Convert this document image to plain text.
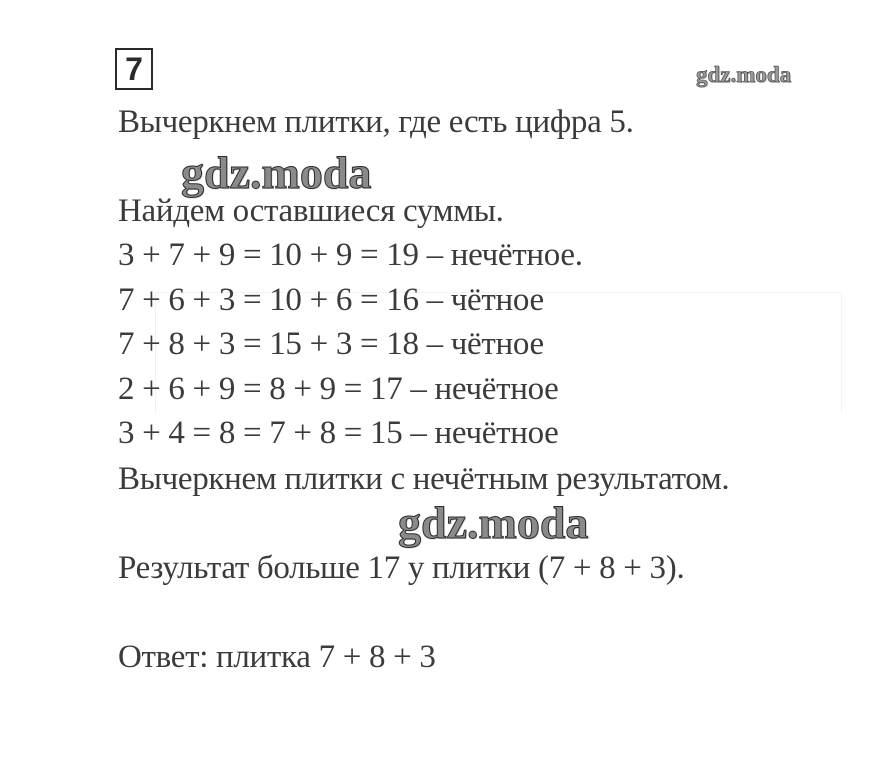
7	gdz.moda
Вычеркнем плитки, где есть цифра 5.
gdz.moda
Найдем оставшиеся суммы.
3 + 7 + 9 = 10 + 9 = 19 – нечётное.
7 + 6 + 3 = 10 + 6 = 16 – чётное
7 + 8 + 3 = 15 + 3 = 18 – чётное
2 + 6 + 9 = 8 + 9 = 17 – нечётное
3 + 4 = 8 = 7 + 8 = 15 – нечётное
Вычеркнем плитки с нечётным результатом.
gdz.moda
Результат больше 17 у плитки (7 + 8 + 3).
Ответ: плитка 7 + 8 + 3
